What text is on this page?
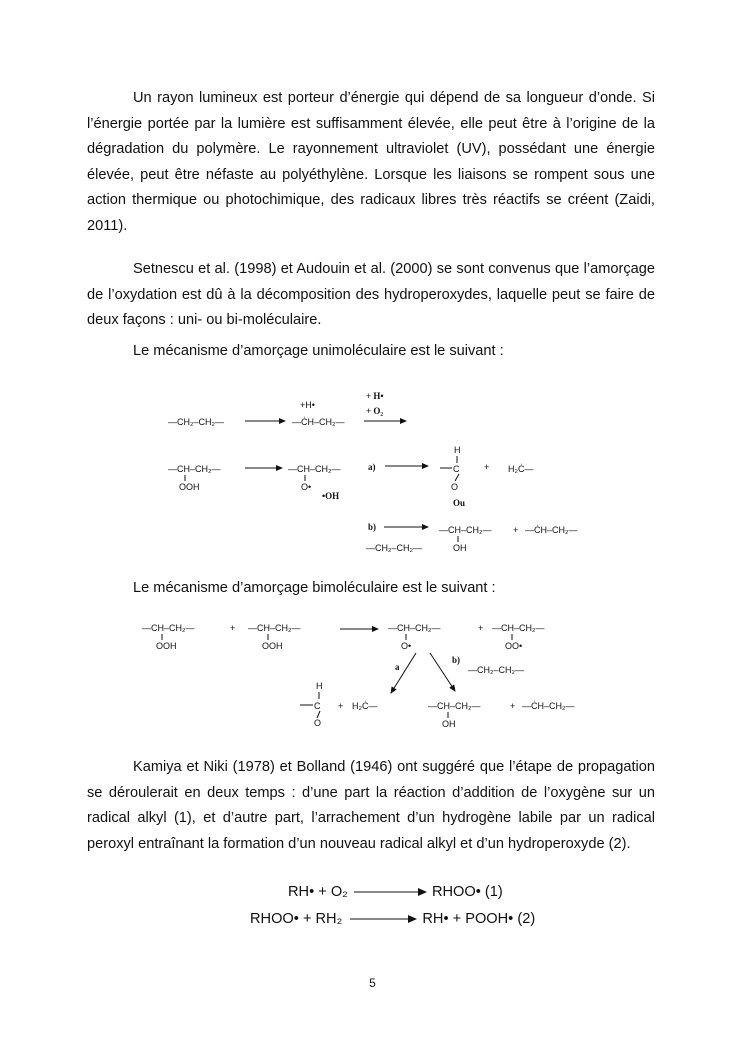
Un rayon lumineux est porteur d’énergie qui dépend de sa longueur d’onde. Si l’énergie portée par la lumière est suffisamment élevée, elle peut être à l’origine de la dégradation du polymère. Le rayonnement ultraviolet (UV), possédant une énergie élevée, peut être néfaste au polyéthylène. Lorsque les liaisons se rompent sous une action thermique ou photochimique, des radicaux libres très réactifs se créent (Zaidi, 2011).

Setnescu et al. (1998) et Audouin et al. (2000) se sont convenus que l’amorçage de l’oxydation est dû à la décomposition des hydroperoxydes, laquelle peut se faire de deux façons : uni- ou bi-moléculaire.

Le mécanisme d’amorçage unimoléculaire est le suivant :

—CH₂–CH₂—
+H•
—ĊH–CH₂—
+ H•
+ O₂
—CH–CH₂—
OOH
—CH–CH₂—
O•
•OH
a)
H
C
O
+ H₂Ċ—
Ou
b)	—CH–CH₂—
OH
+ —ĊH–CH₂—
—CH₂–CH₂—

Le mécanisme d’amorçage bimoléculaire est le suivant :

—CH–CH₂—
OOH
+ —CH–CH₂—
OOH
—CH–CH₂—
O•
+ —CH–CH₂—
OO•
a
b)
—CH₂–CH₂—
H
C
O
+ H₂Ċ—	—CH–CH₂—
OH
+ —ĊH–CH₂—

Kamiya et Niki (1978) et Bolland (1946) ont suggéré que l’étape de propagation se déroulerait en deux temps : d’une part la réaction d’addition de l’oxygène sur un radical alkyl (1), et d’autre part, l’arrachement d’un hydrogène labile par un radical peroxyl entraînant la formation d’un nouveau radical alkyl et d’un hydroperoxyde (2).

RH• + O₂	RHOO• (1)
RHOO• + RH₂	RH• + POOH• (2)
5
